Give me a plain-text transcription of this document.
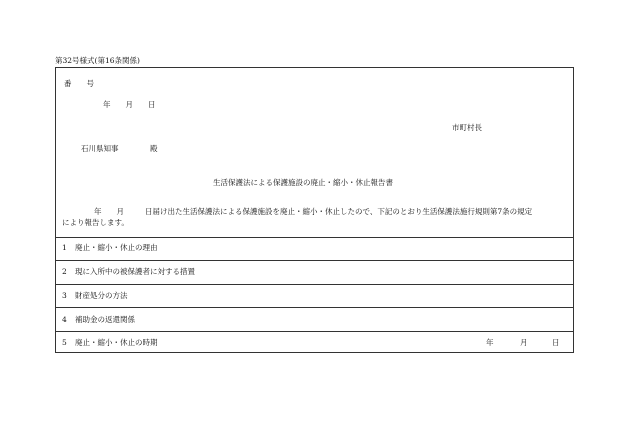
第32号様式(第16条関係)
番　　号
年　　月　　日
市町村長
石川県知事	殿
生活保護法による保護施設の廃止・縮小・休止報告書
年　　月	日届け出た生活保護法による保護施設を廃止・縮小・休止したので、下記のとおり生活保護法施行規則第7条の規定
により報告します。
1 廃止・縮小・休止の理由
2 現に入所中の被保護者に対する措置
3 財産処分の方法
4 補助金の返還関係
5 廃止・縮小・休止の時期	年	月	日
